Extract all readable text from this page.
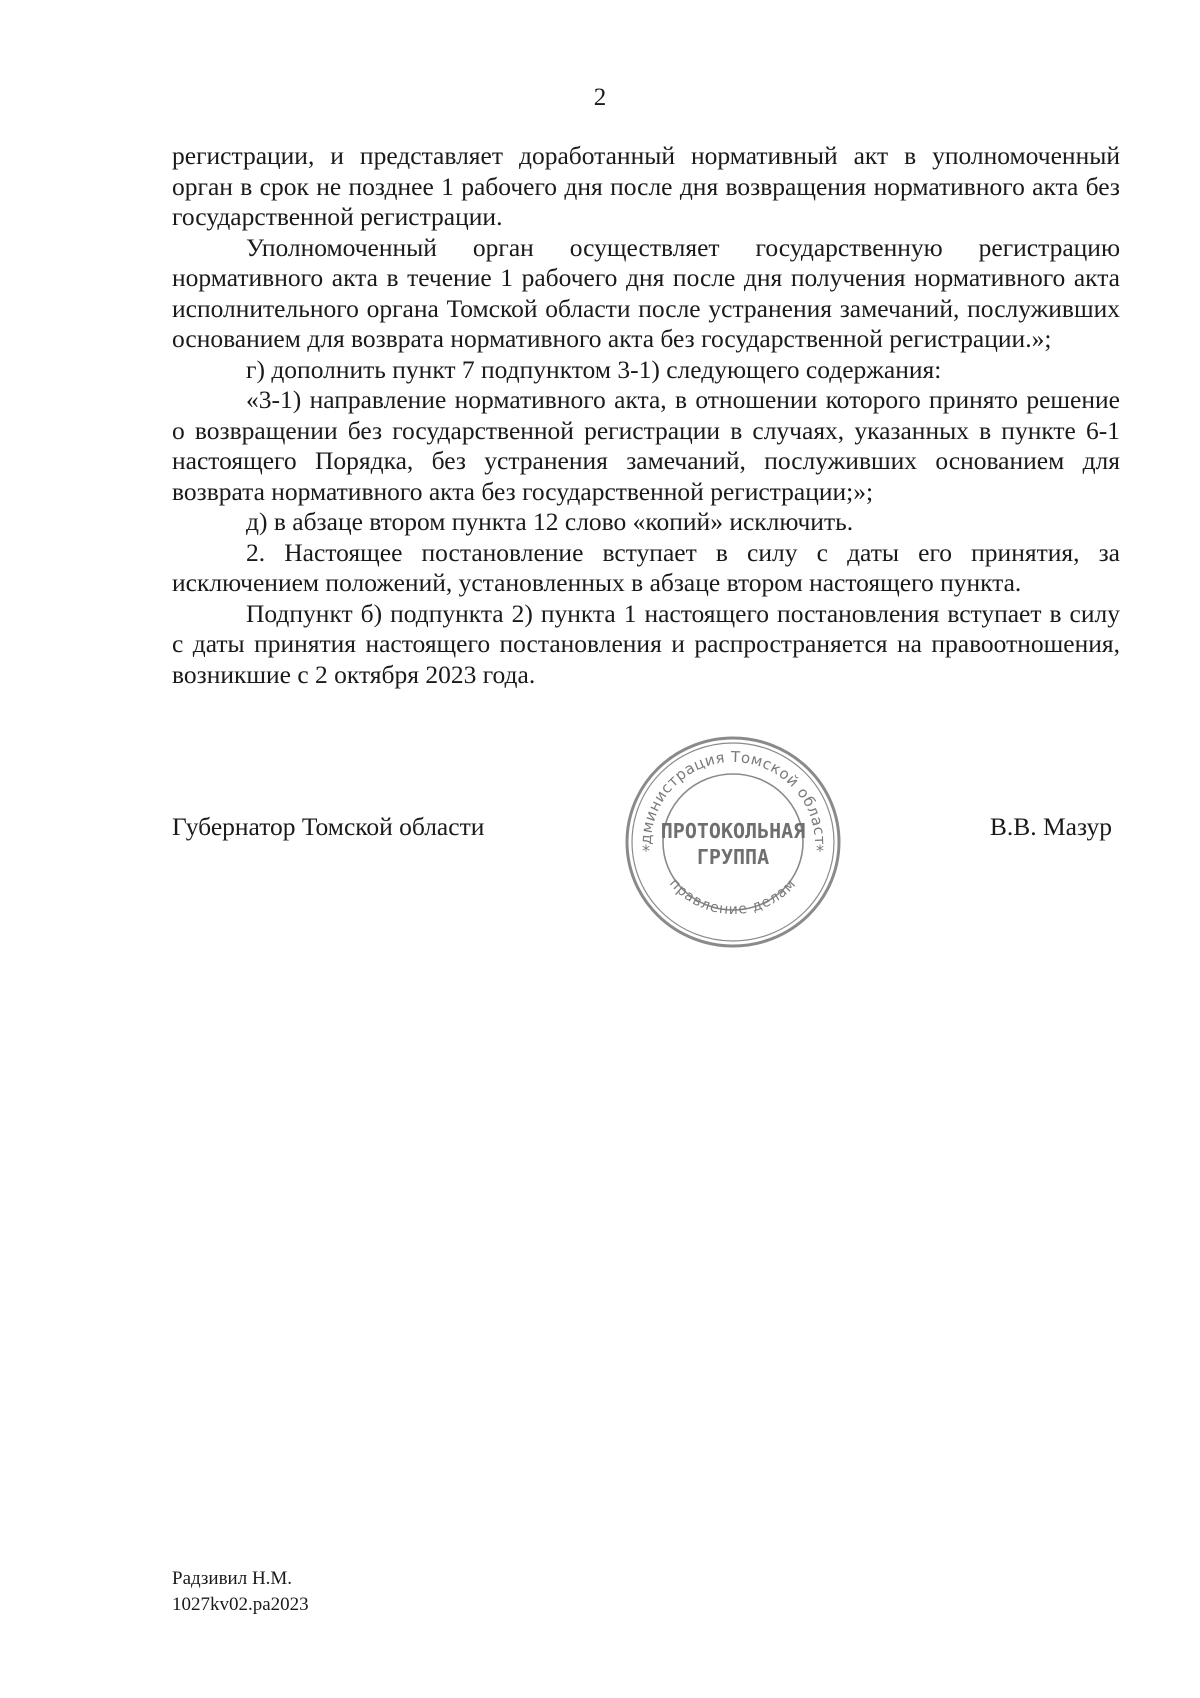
2

регистрации, и представляет доработанный нормативный акт в уполномоченный орган в срок не позднее 1 рабочего дня после дня возвращения нормативного акта без государственной регистрации.

Уполномоченный орган осуществляет государственную регистрацию нормативного акта в течение 1 рабочего дня после дня получения нормативного акта исполнительного органа Томской области после устранения замечаний, послуживших основанием для возврата нормативного акта без государственной регистрации.»;

г) дополнить пункт 7 подпунктом 3-1) следующего содержания:

«3-1) направление нормативного акта, в отношении которого принято решение о возвращении без государственной регистрации в случаях, указанных в пункте 6-1 настоящего Порядка, без устранения замечаний, послуживших основанием для возврата нормативного акта без государственной регистрации;»;

д) в абзаце втором пункта 12 слово «копий» исключить.

2. Настоящее постановление вступает в силу с даты его принятия, за исключением положений, установленных в абзаце втором настоящего пункта.

Подпункт б) подпункта 2) пункта 1 настоящего постановления вступает в силу с даты принятия настоящего постановления и распространяется на правоотношения, возникшие с 2 октября 2023 года.

Губернатор Томской области	В.В. Мазур
дминистрация Томской област
правление делам
ПРОТОКОЛЬНАЯ
ГРУППА
*	*
Радзивил Н.М.
1027kv02.pa2023
